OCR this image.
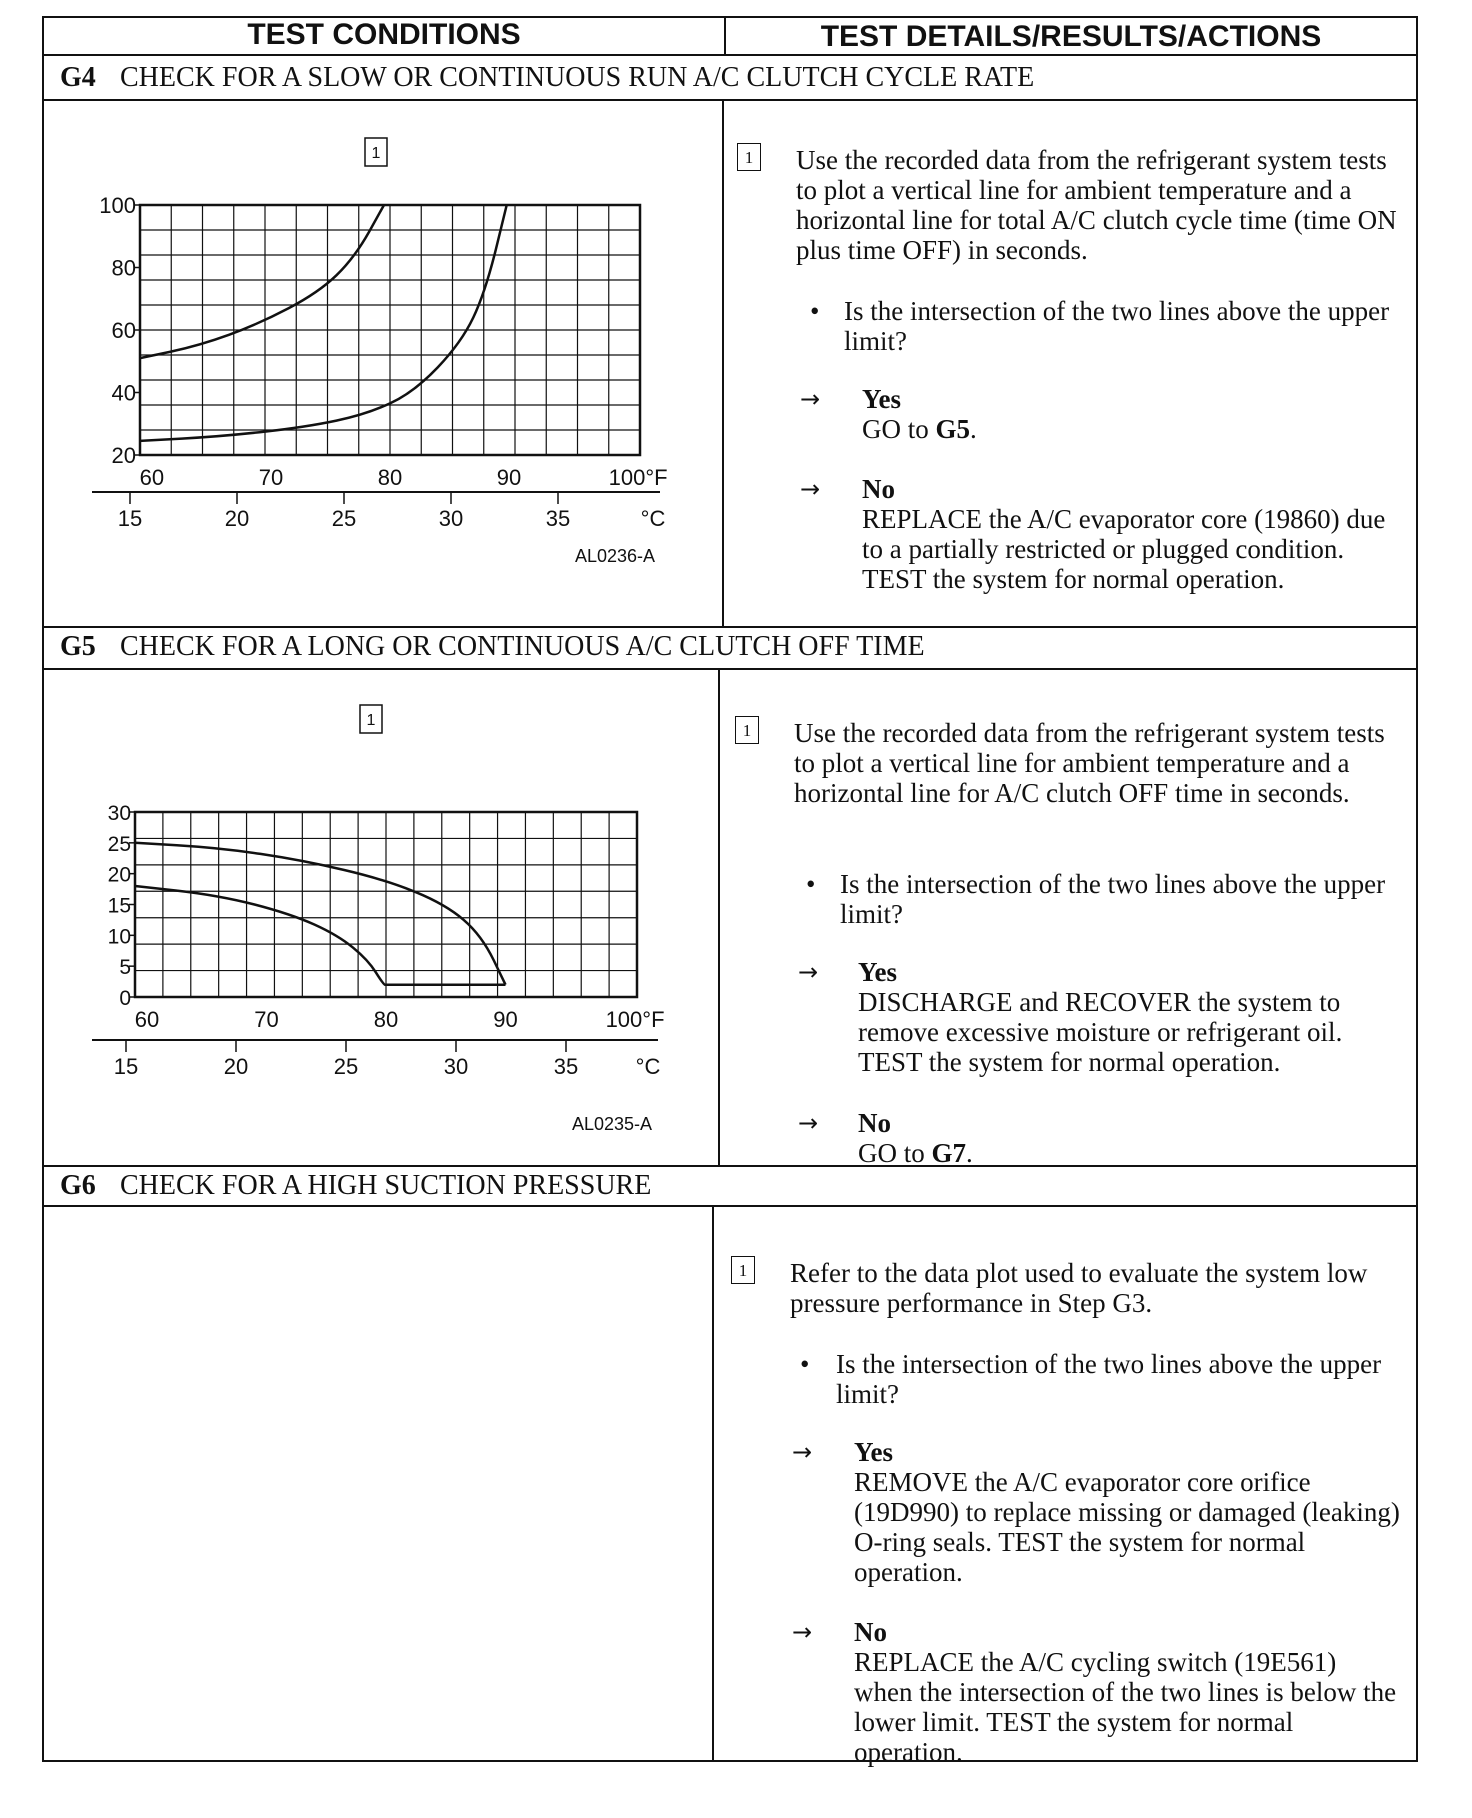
TEST CONDITIONS	TEST DETAILS/RESULTS/ACTIONS
G4 CHECK FOR A SLOW OR CONTINUOUS RUN A/C CLUTCH CYCLE RATE
1
100
80
60
40
20
60	70	80	90	100°F
15	20	25	30	35	°C
AL0236-A
1 Use the recorded data from the refrigerant system tests to plot a vertical line for ambient temperature and a horizontal line for total A/C clutch cycle time (time ON plus time OFF) in seconds.
• Is the intersection of the two lines above the upper limit?
→ Yes
GO to G5.
→ No
REPLACE the A/C evaporator core (19860) due to a partially restricted or plugged condition. TEST the system for normal operation.
G5 CHECK FOR A LONG OR CONTINUOUS A/C CLUTCH OFF TIME
1
30
25
20
15
10
5
0
60	70	80	90	100°F
15	20	25	30	35	°C
AL0235-A
1 Use the recorded data from the refrigerant system tests to plot a vertical line for ambient temperature and a horizontal line for A/C clutch OFF time in seconds.
• Is the intersection of the two lines above the upper limit?
→ Yes
DISCHARGE and RECOVER the system to remove excessive moisture or refrigerant oil. TEST the system for normal operation.
→ No
GO to G7.
G6 CHECK FOR A HIGH SUCTION PRESSURE
1 Refer to the data plot used to evaluate the system low pressure performance in Step G3.
• Is the intersection of the two lines above the upper limit?
→ Yes
REMOVE the A/C evaporator core orifice (19D990) to replace missing or damaged (leaking) O-ring seals. TEST the system for normal operation.
→ No
REPLACE the A/C cycling switch (19E561) when the intersection of the two lines is below the lower limit. TEST the system for normal operation.
